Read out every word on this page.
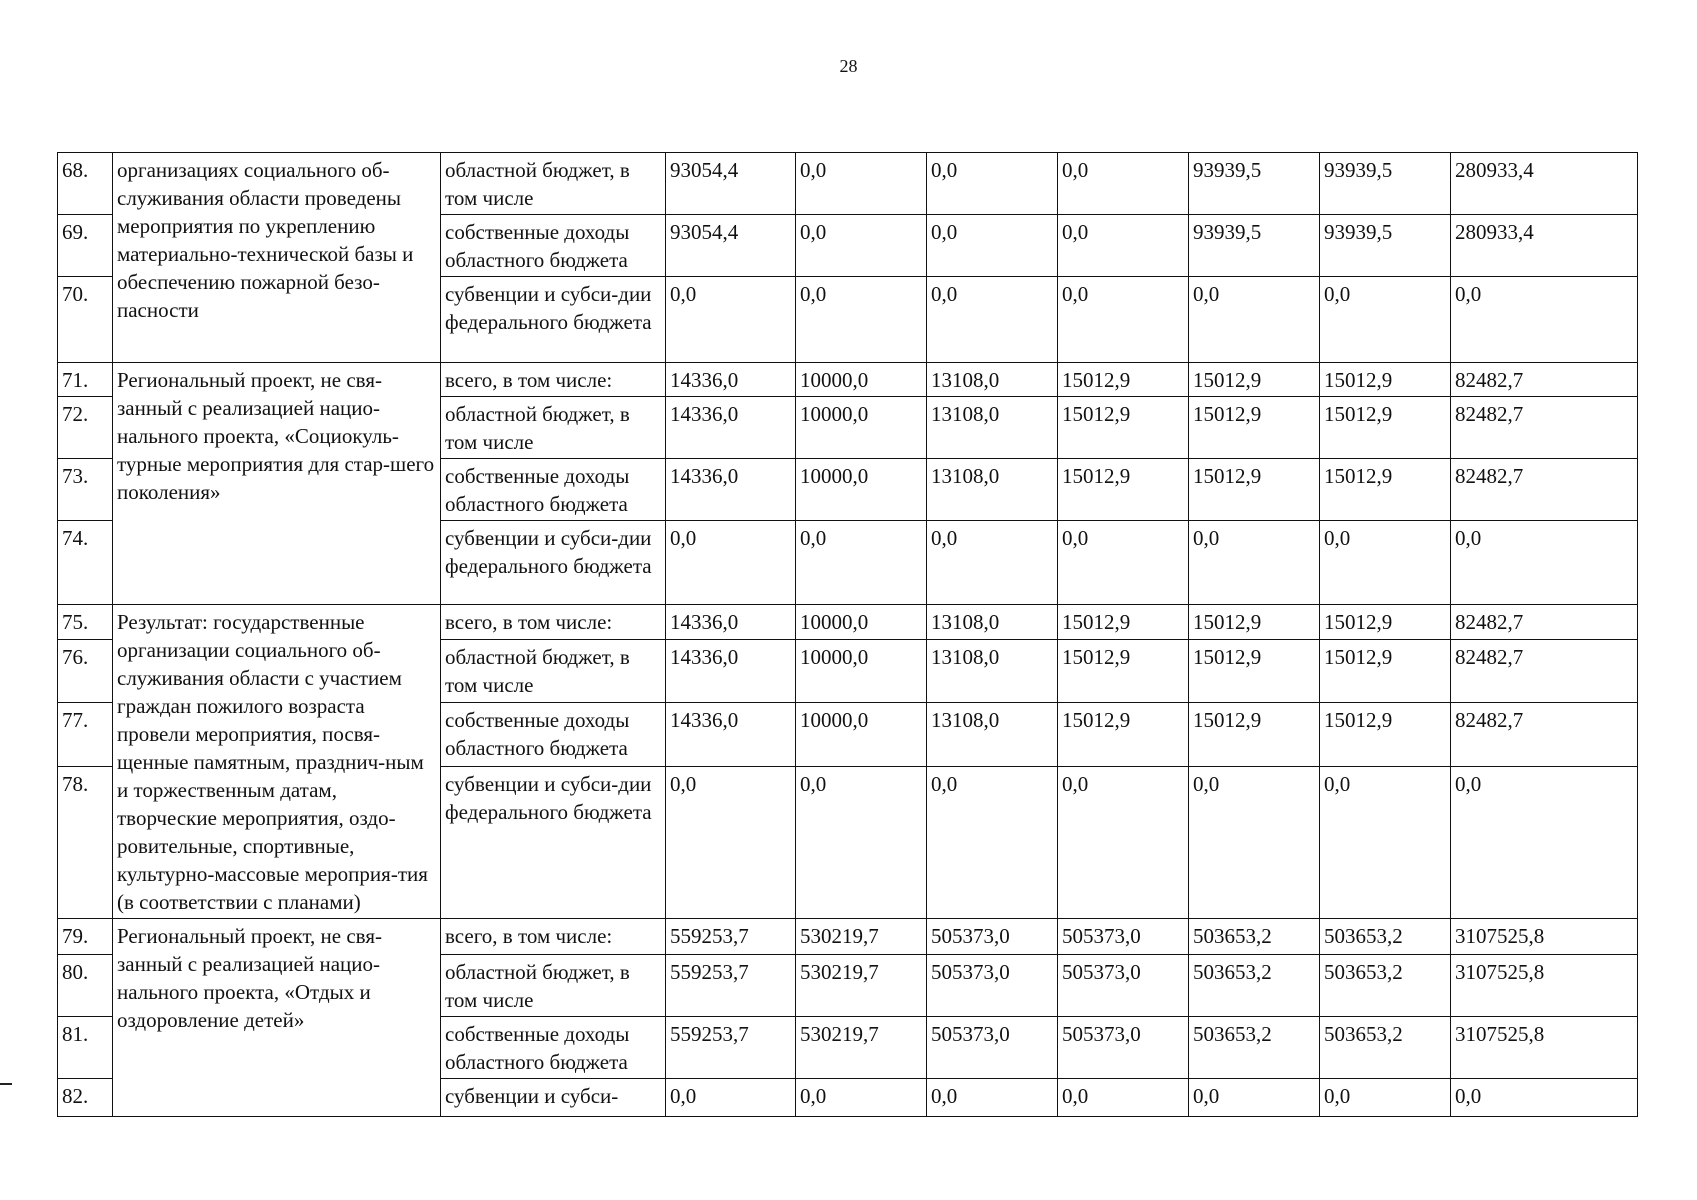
28
68.	организациях социального об-служивания области проведены мероприятия по укреплению материально-технической базы и обеспечению пожарной безо-пасности	областной бюджет, в том числе	93054,4	0,0	0,0	0,0	93939,5	93939,5	280933,4
69.		собственные доходы областного бюджета	93054,4	0,0	0,0	0,0	93939,5	93939,5	280933,4
70.		субвенции и субси-дии федерального бюджета	0,0	0,0	0,0	0,0	0,0	0,0	0,0
71.	Региональный проект, не свя-занный с реализацией нацио-нального проекта, «Социокуль-турные мероприятия для стар-шего поколения»	всего, в том числе:	14336,0	10000,0	13108,0	15012,9	15012,9	15012,9	82482,7
72.		областной бюджет, в том числе	14336,0	10000,0	13108,0	15012,9	15012,9	15012,9	82482,7
73.		собственные доходы областного бюджета	14336,0	10000,0	13108,0	15012,9	15012,9	15012,9	82482,7
74.		субвенции и субси-дии федерального бюджета	0,0	0,0	0,0	0,0	0,0	0,0	0,0
75.	Результат: государственные организации социального об-служивания области с участием граждан пожилого возраста провели мероприятия, посвя-щенные памятным, празднич-ным и торжественным датам, творческие мероприятия, оздо-ровительные, спортивные, культурно-массовые мероприя-тия (в соответствии с планами)	всего, в том числе:	14336,0	10000,0	13108,0	15012,9	15012,9	15012,9	82482,7
76.		областной бюджет, в том числе	14336,0	10000,0	13108,0	15012,9	15012,9	15012,9	82482,7
77.		собственные доходы областного бюджета	14336,0	10000,0	13108,0	15012,9	15012,9	15012,9	82482,7
78.		субвенции и субси-дии федерального бюджета	0,0	0,0	0,0	0,0	0,0	0,0	0,0
79.	Региональный проект, не свя-занный с реализацией нацио-нального проекта, «Отдых и оздоровление детей»	всего, в том числе:	559253,7	530219,7	505373,0	505373,0	503653,2	503653,2	3107525,8
80.		областной бюджет, в том числе	559253,7	530219,7	505373,0	505373,0	503653,2	503653,2	3107525,8
81.		собственные доходы областного бюджета	559253,7	530219,7	505373,0	505373,0	503653,2	503653,2	3107525,8
82.		субвенции и субси-	0,0	0,0	0,0	0,0	0,0	0,0	0,0
